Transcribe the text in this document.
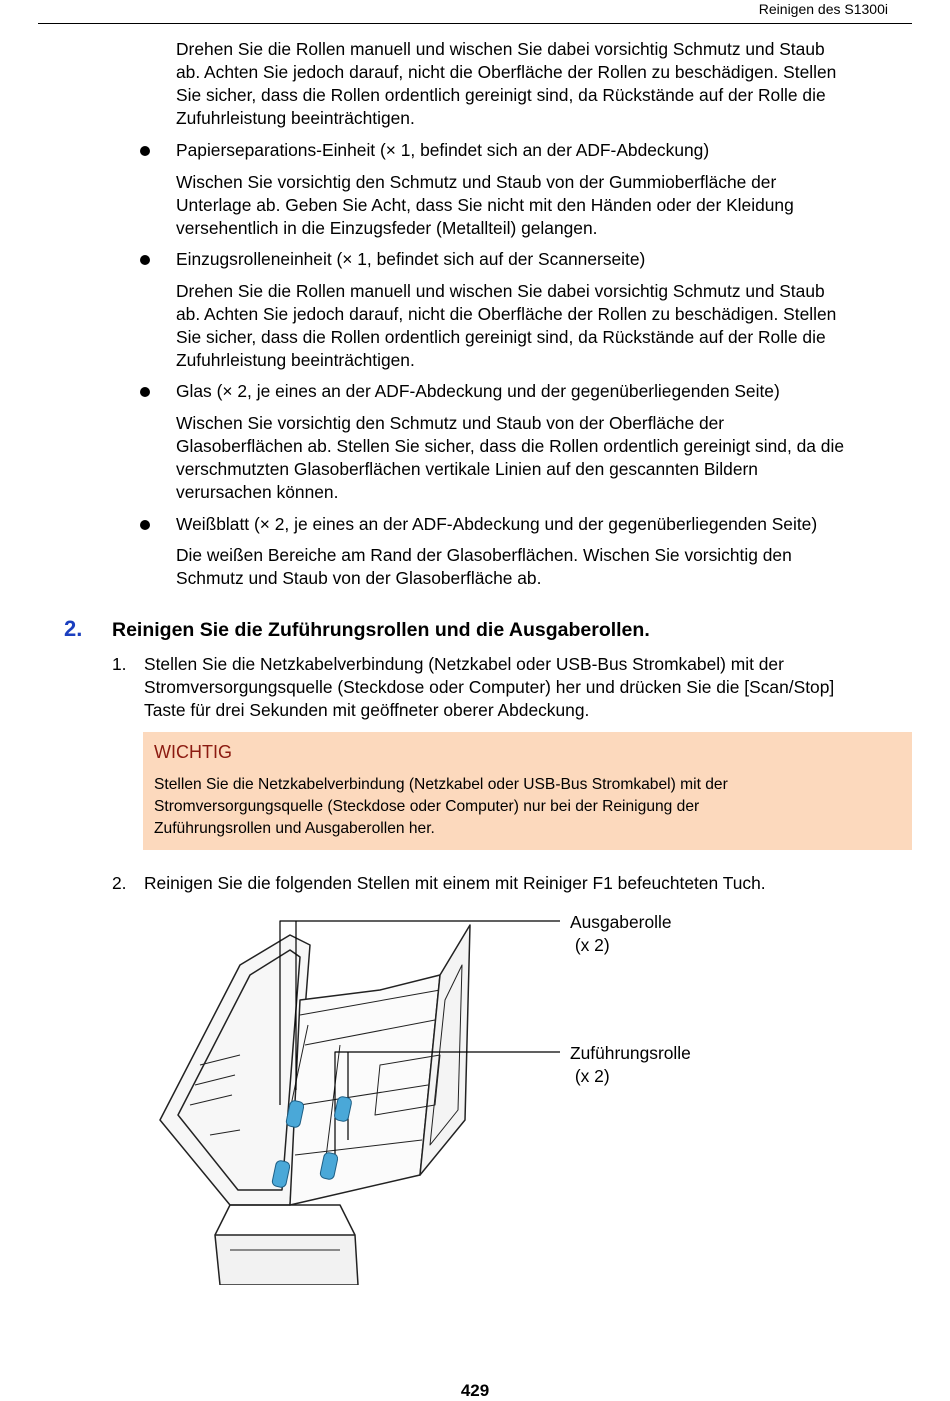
Reinigen des S1300i
Drehen Sie die Rollen manuell und wischen Sie dabei vorsichtig Schmutz und Staub
ab. Achten Sie jedoch darauf, nicht die Oberfläche der Rollen zu beschädigen. Stellen
Sie sicher, dass die Rollen ordentlich gereinigt sind, da Rückstände auf der Rolle die
Zufuhrleistung beeinträchtigen.
Papierseparations-Einheit (× 1, befindet sich an der ADF-Abdeckung)
Wischen Sie vorsichtig den Schmutz und Staub von der Gummioberfläche der
Unterlage ab. Geben Sie Acht, dass Sie nicht mit den Händen oder der Kleidung
versehentlich in die Einzugsfeder (Metallteil) gelangen.
Einzugsrolleneinheit (× 1, befindet sich auf der Scannerseite)
Drehen Sie die Rollen manuell und wischen Sie dabei vorsichtig Schmutz und Staub
ab. Achten Sie jedoch darauf, nicht die Oberfläche der Rollen zu beschädigen. Stellen
Sie sicher, dass die Rollen ordentlich gereinigt sind, da Rückstände auf der Rolle die
Zufuhrleistung beeinträchtigen.
Glas (× 2, je eines an der ADF-Abdeckung und der gegenüberliegenden Seite)
Wischen Sie vorsichtig den Schmutz und Staub von der Oberfläche der
Glasoberflächen ab. Stellen Sie sicher, dass die Rollen ordentlich gereinigt sind, da die
verschmutzten Glasoberflächen vertikale Linien auf den gescannten Bildern
verursachen können.
Weißblatt (× 2, je eines an der ADF-Abdeckung und der gegenüberliegenden Seite)
Die weißen Bereiche am Rand der Glasoberflächen. Wischen Sie vorsichtig den
Schmutz und Staub von der Glasoberfläche ab.
2. Reinigen Sie die Zuführungsrollen und die Ausgaberollen.
1. Stellen Sie die Netzkabelverbindung (Netzkabel oder USB-Bus Stromkabel) mit der
Stromversorgungsquelle (Steckdose oder Computer) her und drücken Sie die [Scan/Stop]
Taste für drei Sekunden mit geöffneter oberer Abdeckung.
WICHTIG
Stellen Sie die Netzkabelverbindung (Netzkabel oder USB-Bus Stromkabel) mit der
Stromversorgungsquelle (Steckdose oder Computer) nur bei der Reinigung der
Zuführungsrollen und Ausgaberollen her.
2. Reinigen Sie die folgenden Stellen mit einem mit Reiniger F1 befeuchteten Tuch.
Ausgaberolle
(x 2)
Zuführungsrolle
(x 2)
429
